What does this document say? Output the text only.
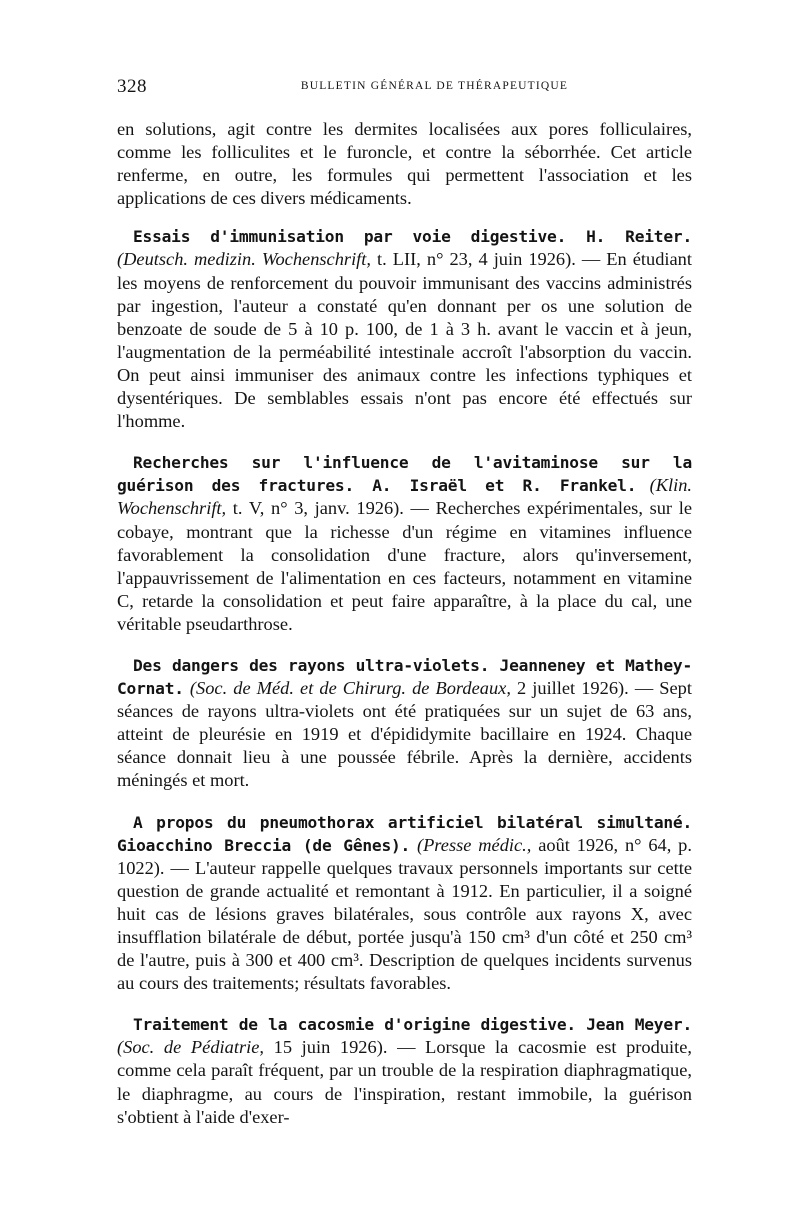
328	BULLETIN GÉNÉRAL DE THÉRAPEUTIQUE

en solutions, agit contre les dermites localisées aux pores folliculaires, comme les folliculites et le furoncle, et contre la séborrhée. Cet article renferme, en outre, les formules qui permettent l'association et les applications de ces divers médicaments.

Essais d'immunisation par voie digestive. H. Reiter. (Deutsch. medizin. Wochenschrift, t. LII, n° 23, 4 juin 1926). — En étudiant les moyens de renforcement du pouvoir immunisant des vaccins administrés par ingestion, l'auteur a constaté qu'en donnant per os une solution de benzoate de soude de 5 à 10 p. 100, de 1 à 3 h. avant le vaccin et à jeun, l'augmentation de la perméabilité intestinale accroît l'absorption du vaccin. On peut ainsi immuniser des animaux contre les infections typhiques et dysentériques. De semblables essais n'ont pas encore été effectués sur l'homme.

Recherches sur l'influence de l'avitaminose sur la guérison des fractures. A. Israël et R. Frankel. (Klin. Wochenschrift, t. V, n° 3, janv. 1926). — Recherches expérimentales, sur le cobaye, montrant que la richesse d'un régime en vitamines influence favorablement la consolidation d'une fracture, alors qu'inversement, l'appauvrissement de l'alimentation en ces facteurs, notamment en vitamine C, retarde la consolidation et peut faire apparaître, à la place du cal, une véritable pseudarthrose.

Des dangers des rayons ultra-violets. Jeanneney et Mathey-Cornat. (Soc. de Méd. et de Chirurg. de Bordeaux, 2 juillet 1926). — Sept séances de rayons ultra-violets ont été pratiquées sur un sujet de 63 ans, atteint de pleurésie en 1919 et d'épididymite bacillaire en 1924. Chaque séance donnait lieu à une poussée fébrile. Après la dernière, accidents méningés et mort.

A propos du pneumothorax artificiel bilatéral simultané. Gioacchino Breccia (de Gênes). (Presse médic., août 1926, n° 64, p. 1022). — L'auteur rappelle quelques travaux personnels importants sur cette question de grande actualité et remontant à 1912. En particulier, il a soigné huit cas de lésions graves bilatérales, sous contrôle aux rayons X, avec insufflation bilatérale de début, portée jusqu'à 150 cm³ d'un côté et 250 cm³ de l'autre, puis à 300 et 400 cm³. Description de quelques incidents survenus au cours des traitements; résultats favorables.

Traitement de la cacosmie d'origine digestive. Jean Meyer. (Soc. de Pédiatrie, 15 juin 1926). — Lorsque la cacosmie est produite, comme cela paraît fréquent, par un trouble de la respiration diaphragmatique, le diaphragme, au cours de l'inspiration, restant immobile, la guérison s'obtient à l'aide d'exer-
